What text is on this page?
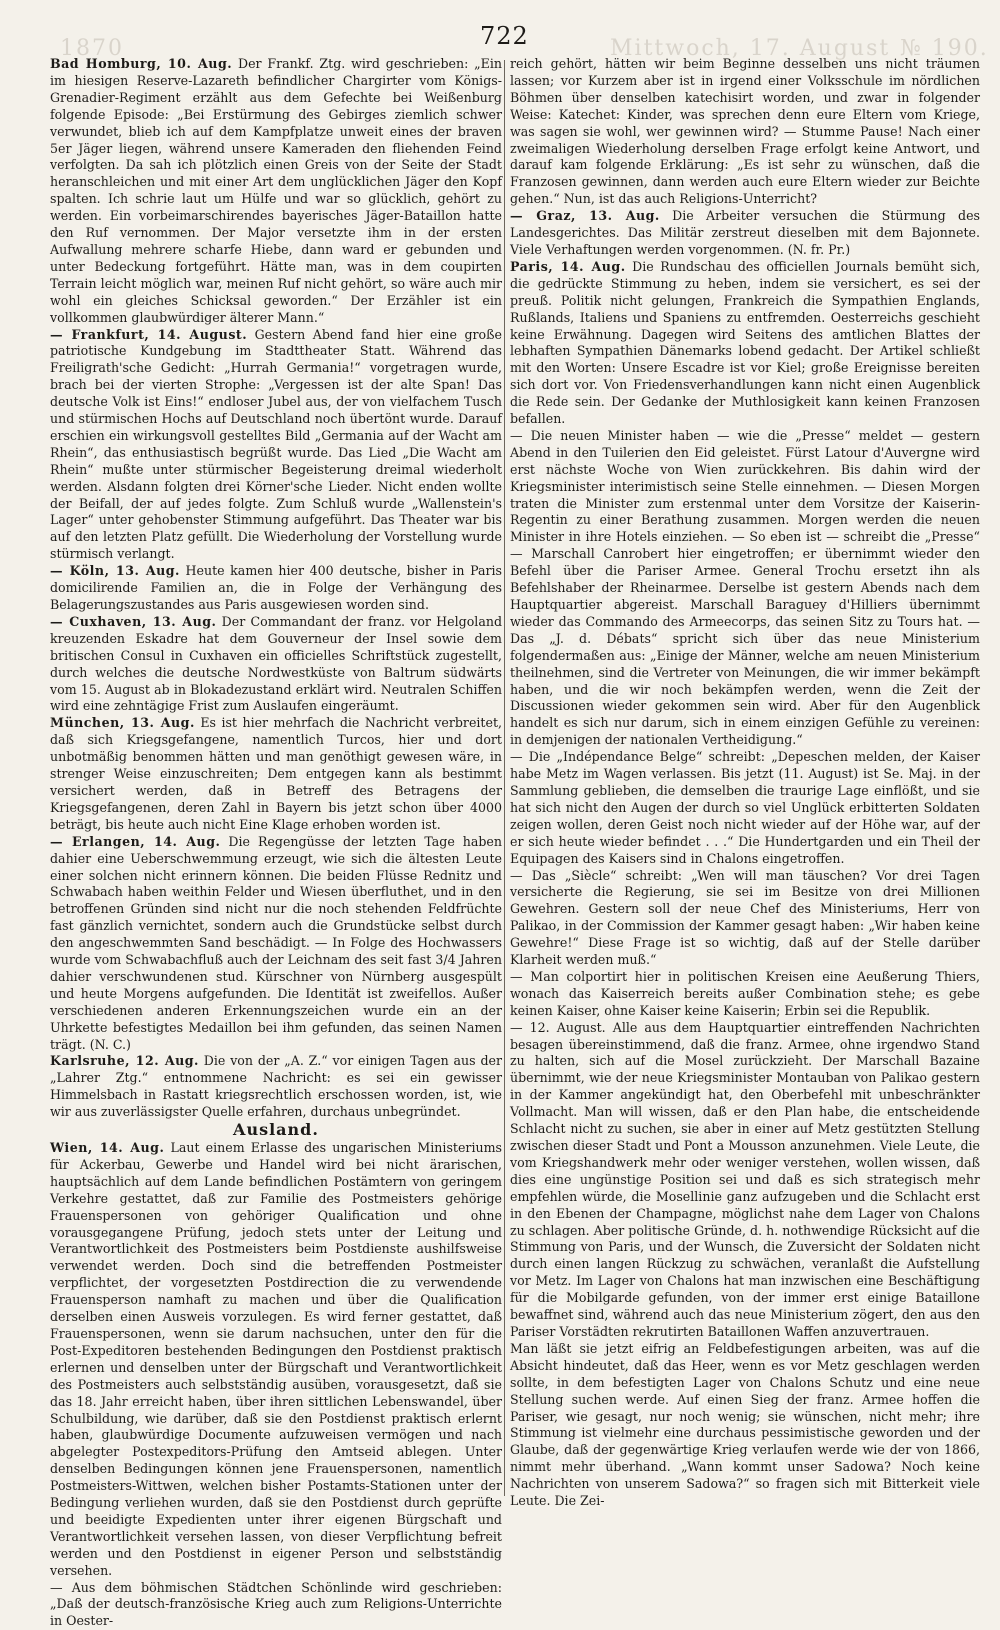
1870	722	Mittwoch, 17. August № 190.

Bad Homburg, 10. Aug. Der Frankf. Ztg. wird geschrieben: „Ein im hiesigen Reserve-Lazareth befindlicher Chargirter vom Königs-Grenadier-Regiment erzählt aus dem Gefechte bei Weißenburg folgende Episode: „Bei Erstürmung des Gebirges ziemlich schwer verwundet, blieb ich auf dem Kampfplatze unweit eines der braven 5er Jäger liegen, während unsere Kameraden den fliehenden Feind verfolgten. Da sah ich plötzlich einen Greis von der Seite der Stadt heranschleichen und mit einer Art dem unglücklichen Jäger den Kopf spalten. Ich schrie laut um Hülfe und war so glücklich, gehört zu werden. Ein vorbeimarschirendes bayerisches Jäger-Bataillon hatte den Ruf vernommen. Der Major versetzte ihm in der ersten Aufwallung mehrere scharfe Hiebe, dann ward er gebunden und unter Bedeckung fortgeführt. Hätte man, was in dem coupirten Terrain leicht möglich war, meinen Ruf nicht gehört, so wäre auch mir wohl ein gleiches Schicksal geworden.“ Der Erzähler ist ein vollkommen glaubwürdiger älterer Mann.“

— Frankfurt, 14. August. Gestern Abend fand hier eine große patriotische Kundgebung im Stadttheater Statt. Während das Freiligrath'sche Gedicht: „Hurrah Germania!“ vorgetragen wurde, brach bei der vierten Strophe: „Vergessen ist der alte Span! Das deutsche Volk ist Eins!“ endloser Jubel aus, der von vielfachem Tusch und stürmischen Hochs auf Deutschland noch übertönt wurde. Darauf erschien ein wirkungsvoll gestelltes Bild „Germania auf der Wacht am Rhein“, das enthusiastisch begrüßt wurde. Das Lied „Die Wacht am Rhein“ mußte unter stürmischer Begeisterung dreimal wiederholt werden. Alsdann folgten drei Körner'sche Lieder. Nicht enden wollte der Beifall, der auf jedes folgte. Zum Schluß wurde „Wallenstein's Lager“ unter gehobenster Stimmung aufgeführt. Das Theater war bis auf den letzten Platz gefüllt. Die Wiederholung der Vorstellung wurde stürmisch verlangt.

— Köln, 13. Aug. Heute kamen hier 400 deutsche, bisher in Paris domicilirende Familien an, die in Folge der Verhängung des Belagerungszustandes aus Paris ausgewiesen worden sind.

— Cuxhaven, 13. Aug. Der Commandant der franz. vor Helgoland kreuzenden Eskadre hat dem Gouverneur der Insel sowie dem britischen Consul in Cuxhaven ein officielles Schriftstück zugestellt, durch welches die deutsche Nordwestküste von Baltrum südwärts vom 15. August ab in Blokadezustand erklärt wird. Neutralen Schiffen wird eine zehntägige Frist zum Auslaufen eingeräumt.

München, 13. Aug. Es ist hier mehrfach die Nachricht verbreitet, daß sich Kriegsgefangene, namentlich Turcos, hier und dort unbotmäßig benommen hätten und man genöthigt gewesen wäre, in strenger Weise einzuschreiten; Dem entgegen kann als bestimmt versichert werden, daß in Betreff des Betragens der Kriegsgefangenen, deren Zahl in Bayern bis jetzt schon über 4000 beträgt, bis heute auch nicht Eine Klage erhoben worden ist.

— Erlangen, 14. Aug. Die Regengüsse der letzten Tage haben dahier eine Ueberschwemmung erzeugt, wie sich die ältesten Leute einer solchen nicht erinnern können. Die beiden Flüsse Rednitz und Schwabach haben weithin Felder und Wiesen überfluthet, und in den betroffenen Gründen sind nicht nur die noch stehenden Feldfrüchte fast gänzlich vernichtet, sondern auch die Grundstücke selbst durch den angeschwemmten Sand beschädigt. — In Folge des Hochwassers wurde vom Schwabachfluß auch der Leichnam des seit fast 3/4 Jahren dahier verschwundenen stud. Kürschner von Nürnberg ausgespült und heute Morgens aufgefunden. Die Identität ist zweifellos. Außer verschiedenen anderen Erkennungszeichen wurde ein an der Uhrkette befestigtes Medaillon bei ihm gefunden, das seinen Namen trägt. (N. C.)

Karlsruhe, 12. Aug. Die von der „A. Z.“ vor einigen Tagen aus der „Lahrer Ztg.“ entnommene Nachricht: es sei ein gewisser Himmelsbach in Rastatt kriegsrechtlich erschossen worden, ist, wie wir aus zuverlässigster Quelle erfahren, durchaus unbegründet.

Ausland.

Wien, 14. Aug. Laut einem Erlasse des ungarischen Ministeriums für Ackerbau, Gewerbe und Handel wird bei nicht ärarischen, hauptsächlich auf dem Lande befindlichen Postämtern von geringem Verkehre gestattet, daß zur Familie des Postmeisters gehörige Frauenspersonen von gehöriger Qualification und ohne vorausgegangene Prüfung, jedoch stets unter der Leitung und Verantwortlichkeit des Postmeisters beim Postdienste aushilfsweise verwendet werden. Doch sind die betreffenden Postmeister verpflichtet, der vorgesetzten Postdirection die zu verwendende Frauensperson namhaft zu machen und über die Qualification derselben einen Ausweis vorzulegen. Es wird ferner gestattet, daß Frauenspersonen, wenn sie darum nachsuchen, unter den für die Post-Expeditoren bestehenden Bedingungen den Postdienst praktisch erlernen und denselben unter der Bürgschaft und Verantwortlichkeit des Postmeisters auch selbstständig ausüben, vorausgesetzt, daß sie das 18. Jahr erreicht haben, über ihren sittlichen Lebenswandel, über Schulbildung, wie darüber, daß sie den Postdienst praktisch erlernt haben, glaubwürdige Documente aufzuweisen vermögen und nach abgelegter Postexpeditors-Prüfung den Amtseid ablegen. Unter denselben Bedingungen können jene Frauenspersonen, namentlich Postmeisters-Wittwen, welchen bisher Postamts-Stationen unter der Bedingung verliehen wurden, daß sie den Postdienst durch geprüfte und beeidigte Expedienten unter ihrer eigenen Bürgschaft und Verantwortlichkeit versehen lassen, von dieser Verpflichtung befreit werden und den Postdienst in eigener Person und selbstständig versehen.

— Aus dem böhmischen Städtchen Schönlinde wird geschrieben: „Daß der deutsch-französische Krieg auch zum Religions-Unterrichte in Oester-

reich gehört, hätten wir beim Beginne desselben uns nicht träumen lassen; vor Kurzem aber ist in irgend einer Volksschule im nördlichen Böhmen über denselben katechisirt worden, und zwar in folgender Weise: Katechet: Kinder, was sprechen denn eure Eltern vom Kriege, was sagen sie wohl, wer gewinnen wird? — Stumme Pause! Nach einer zweimaligen Wiederholung derselben Frage erfolgt keine Antwort, und darauf kam folgende Erklärung: „Es ist sehr zu wünschen, daß die Franzosen gewinnen, dann werden auch eure Eltern wieder zur Beichte gehen.“ Nun, ist das auch Religions-Unterricht?

— Graz, 13. Aug. Die Arbeiter versuchen die Stürmung des Landesgerichtes. Das Militär zerstreut dieselben mit dem Bajonnete. Viele Verhaftungen werden vorgenommen. (N. fr. Pr.)

Paris, 14. Aug. Die Rundschau des officiellen Journals bemüht sich, die gedrückte Stimmung zu heben, indem sie versichert, es sei der preuß. Politik nicht gelungen, Frankreich die Sympathien Englands, Rußlands, Italiens und Spaniens zu entfremden. Oesterreichs geschieht keine Erwähnung. Dagegen wird Seitens des amtlichen Blattes der lebhaften Sympathien Dänemarks lobend gedacht. Der Artikel schließt mit den Worten: Unsere Escadre ist vor Kiel; große Ereignisse bereiten sich dort vor. Von Friedensverhandlungen kann nicht einen Augenblick die Rede sein. Der Gedanke der Muthlosigkeit kann keinen Franzosen befallen.

— Die neuen Minister haben — wie die „Presse“ meldet — gestern Abend in den Tuilerien den Eid geleistet. Fürst Latour d'Auvergne wird erst nächste Woche von Wien zurückkehren. Bis dahin wird der Kriegsminister interimistisch seine Stelle einnehmen. — Diesen Morgen traten die Minister zum erstenmal unter dem Vorsitze der Kaiserin-Regentin zu einer Berathung zusammen. Morgen werden die neuen Minister in ihre Hotels einziehen. — So eben ist — schreibt die „Presse“ — Marschall Canrobert hier eingetroffen; er übernimmt wieder den Befehl über die Pariser Armee. General Trochu ersetzt ihn als Befehlshaber der Rheinarmee. Derselbe ist gestern Abends nach dem Hauptquartier abgereist. Marschall Baraguey d'Hilliers übernimmt wieder das Commando des Armeecorps, das seinen Sitz zu Tours hat. — Das „J. d. Débats“ spricht sich über das neue Ministerium folgendermaßen aus: „Einige der Männer, welche am neuen Ministerium theilnehmen, sind die Vertreter von Meinungen, die wir immer bekämpft haben, und die wir noch bekämpfen werden, wenn die Zeit der Discussionen wieder gekommen sein wird. Aber für den Augenblick handelt es sich nur darum, sich in einem einzigen Gefühle zu vereinen: in demjenigen der nationalen Vertheidigung.“

— Die „Indépendance Belge“ schreibt: „Depeschen melden, der Kaiser habe Metz im Wagen verlassen. Bis jetzt (11. August) ist Se. Maj. in der Sammlung geblieben, die demselben die traurige Lage einflößt, und sie hat sich nicht den Augen der durch so viel Unglück erbitterten Soldaten zeigen wollen, deren Geist noch nicht wieder auf der Höhe war, auf der er sich heute wieder befindet . . .“ Die Hundertgarden und ein Theil der Equipagen des Kaisers sind in Chalons eingetroffen.

— Das „Siècle“ schreibt: „Wen will man täuschen? Vor drei Tagen versicherte die Regierung, sie sei im Besitze von drei Millionen Gewehren. Gestern soll der neue Chef des Ministeriums, Herr von Palikao, in der Commission der Kammer gesagt haben: „Wir haben keine Gewehre!“ Diese Frage ist so wichtig, daß auf der Stelle darüber Klarheit werden muß.“

— Man colportirt hier in politischen Kreisen eine Aeußerung Thiers, wonach das Kaiserreich bereits außer Combination stehe; es gebe keinen Kaiser, ohne Kaiser keine Kaiserin; Erbin sei die Republik.

— 12. August. Alle aus dem Hauptquartier eintreffenden Nachrichten besagen übereinstimmend, daß die franz. Armee, ohne irgendwo Stand zu halten, sich auf die Mosel zurückzieht. Der Marschall Bazaine übernimmt, wie der neue Kriegsminister Montauban von Palikao gestern in der Kammer angekündigt hat, den Oberbefehl mit unbeschränkter Vollmacht. Man will wissen, daß er den Plan habe, die entscheidende Schlacht nicht zu suchen, sie aber in einer auf Metz gestützten Stellung zwischen dieser Stadt und Pont a Mousson anzunehmen. Viele Leute, die vom Kriegshandwerk mehr oder weniger verstehen, wollen wissen, daß dies eine ungünstige Position sei und daß es sich strategisch mehr empfehlen würde, die Mosellinie ganz aufzugeben und die Schlacht erst in den Ebenen der Champagne, möglichst nahe dem Lager von Chalons zu schlagen. Aber politische Gründe, d. h. nothwendige Rücksicht auf die Stimmung von Paris, und der Wunsch, die Zuversicht der Soldaten nicht durch einen langen Rückzug zu schwächen, veranlaßt die Aufstellung vor Metz. Im Lager von Chalons hat man inzwischen eine Beschäftigung für die Mobilgarde gefunden, von der immer erst einige Bataillone bewaffnet sind, während auch das neue Ministerium zögert, den aus den Pariser Vorstädten rekrutirten Bataillonen Waffen anzuvertrauen.

Man läßt sie jetzt eifrig an Feldbefestigungen arbeiten, was auf die Absicht hindeutet, daß das Heer, wenn es vor Metz geschlagen werden sollte, in dem befestigten Lager von Chalons Schutz und eine neue Stellung suchen werde. Auf einen Sieg der franz. Armee hoffen die Pariser, wie gesagt, nur noch wenig; sie wünschen, nicht mehr; ihre Stimmung ist vielmehr eine durchaus pessimistische geworden und der Glaube, daß der gegenwärtige Krieg verlaufen werde wie der von 1866, nimmt mehr überhand. „Wann kommt unser Sadowa? Noch keine Nachrichten von unserem Sadowa?“ so fragen sich mit Bitterkeit viele Leute. Die Zei-
